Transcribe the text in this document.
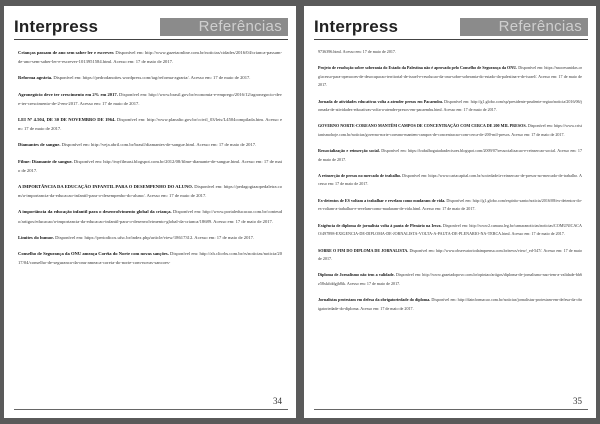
Interpress	Referências

Crianças passam de ano sem saber ler e escrever. Disponível em: http://www.gazetaonline.com.br/noticias/cidades/2016/04/crianca-passam-de-ano-sem-saber-ler-e-escrever-1013951584.html. Acesso em: 17 de maio de 2017.

Reforma agrária. Disponível em: https://pedrodanoites.wordpress.com/tag/reforma-agraria/. Acesso em: 17 de maio de 2017.

Agronegócio deve ter crescimento em 2% em 2017. Disponível em: http://www.brasil.gov.br/economia-e-emprego/2016/12/agronegocio-deve-ter-crescimento-de-2-em-2017. Acesso em: 17 de maio de 2017.

LEI Nº 4.504, DE 30 DE NOVEMBRO DE 1964. Disponível em: http://www.planalto.gov.br/ccivil_03/leis/L4504compilada.htm. Acesso em: 17 de maio de 2017.

Diamantes de sangue. Disponível em: http://veja.abril.com.br/brasil/diamantes-de-sangue.html. Acesso em: 17 de maio de 2017.

Filme: Diamante de sangue. Disponível em: http://myfilmasi.blogspot.com.br/2012/08/filme-diamante-de-sangue.html. Acesso em: 17 de maio de 2017.

A IMPORTÂNCIA DA EDUCAÇÃO INFANTIL PARA O DESEMPENHO DO ALUNO. Disponível em: https://pedagogiaaopedaletra.com/a-importancia-da-educacao-infantil-para-o-desempenho-do-aluno/. Acesso em: 17 de maio de 2017.

A importância da educação infantil para o desenvolvimento global da criança. Disponível em: http://www.portaleducacao.com.br/conteudo/artigos/educacao/a-importancia-da-educacao-infantil-para-o-desenvolvimento-global-da-crianca/18689. Acesso em: 17 de maio de 2017.

Limites do humor. Disponível em: https://periodicos.ufsc.br/index.php/article/view/18617312. Acesso em: 17 de maio de 2017.

Conselho de Segurança da ONU ameaça Coréia do Norte com novas sanções. Disponível em: http://zh.clicrbs.com.br/rs/noticias/noticia/2017/04/conselho-de-seguranca-da-onu-ameaca-coreia-do-norte-com-novas-sancoes-

34
Interpress	Referências

9736396.html. Acesso em: 17 de maio de 2017.

Projeto de resolução sobre soberania do Estado da Palestina não é aprovado pelo Conselho de Segurança da ONU. Disponível em: https://nacoesunidas.org/acesso-para-operacoes-de-desocupacao-territorial-de-israel-e-resolucao-da-onu-sobre-soberania-do-estado-da-palestina-e-de-israel/. Acesso em: 17 de maio de 2017.

Jornada de atividades educativas volta a atender presos em Pacaembu. Disponível em: http://g1.globo.com/sp/presidente-prudente-regiao/noticia/2016/06/jornada-de-atividades-educativas-volta-a-atender-presos-em-pacaembu.html. Acesso em: 17 de maio de 2017.

GOVERNO NORTE-COREANO MANTÉM CAMPOS DE CONCENTRAÇÃO COM CERCA DE 200 MIL PRESOS. Disponível em: https://www.cristianismohoje.com.br/noticias/governo-norte-coreano-mantem-campos-de-concentracao-com-cerca-de-200-mil-presos. Acesso em: 17 de maio de 2017.

Ressocialização e reinserção social. Disponível em: https://trabalhoguiadasdecisoes.blogspot.com/2009/07/ressocializacao-e-reinsercao-social. Acesso em: 17 de maio de 2017.

A reinserção de presos no mercado de trabalho. Disponível em: https://www.cartacapital.com.br/sociedade/a-reinsercao-de-presos-no-mercado-de-trabalho. Acesso em: 17 de maio de 2017.

Ex-detentos de ES voltam a trabalhar e revelam como mudaram de vida. Disponível em: http://g1.globo.com/espirito-santo/noticia/2016/08/ex-detentos-do-es-voltam-a-trabalhar-e-revelam-como-mudaram-de-vida.html. Acesso em: 17 de maio de 2017.

Exigência de diploma de jornalista volta à pauta de Plenário na Iesva. Disponível em: http://www2.camara.leg.br/camaranoticias/noticias/COMUNICACAO/497898-EXIGENCIA-DE-DIPLOMA-DE-JORNALISTA-VOLTA-A-PAUTA-DE-PLENARIO-NA-TERCA.html. Acesso em: 17 de maio de 2017.

SOBRE O FIM DO DIPLOMA DE JORNALISTA. Disponível em: http://www.observatoriodaimprensa.com.br/news/view/_ed-547/. Acesso em: 17 de maio de 2017.

Diploma de Jornalismo não tem a validade. Disponível em: http://www.gazetadopovo.com.br/opiniao/artigos/diploma-de-jornalismo-nao-tem-a-validade-bh6z58xkfiddgjh8ik. Acesso em: 17 de maio de 2017.

Jornalistas protestam em defesa da obrigatoriedade do diploma. Disponível em: http://dainformacao.com.br/noticias/jornalistas-protestam-em-defesa-da-obrigatoriedade-do-diploma. Acesso em: 17 de maio de 2017.

35
